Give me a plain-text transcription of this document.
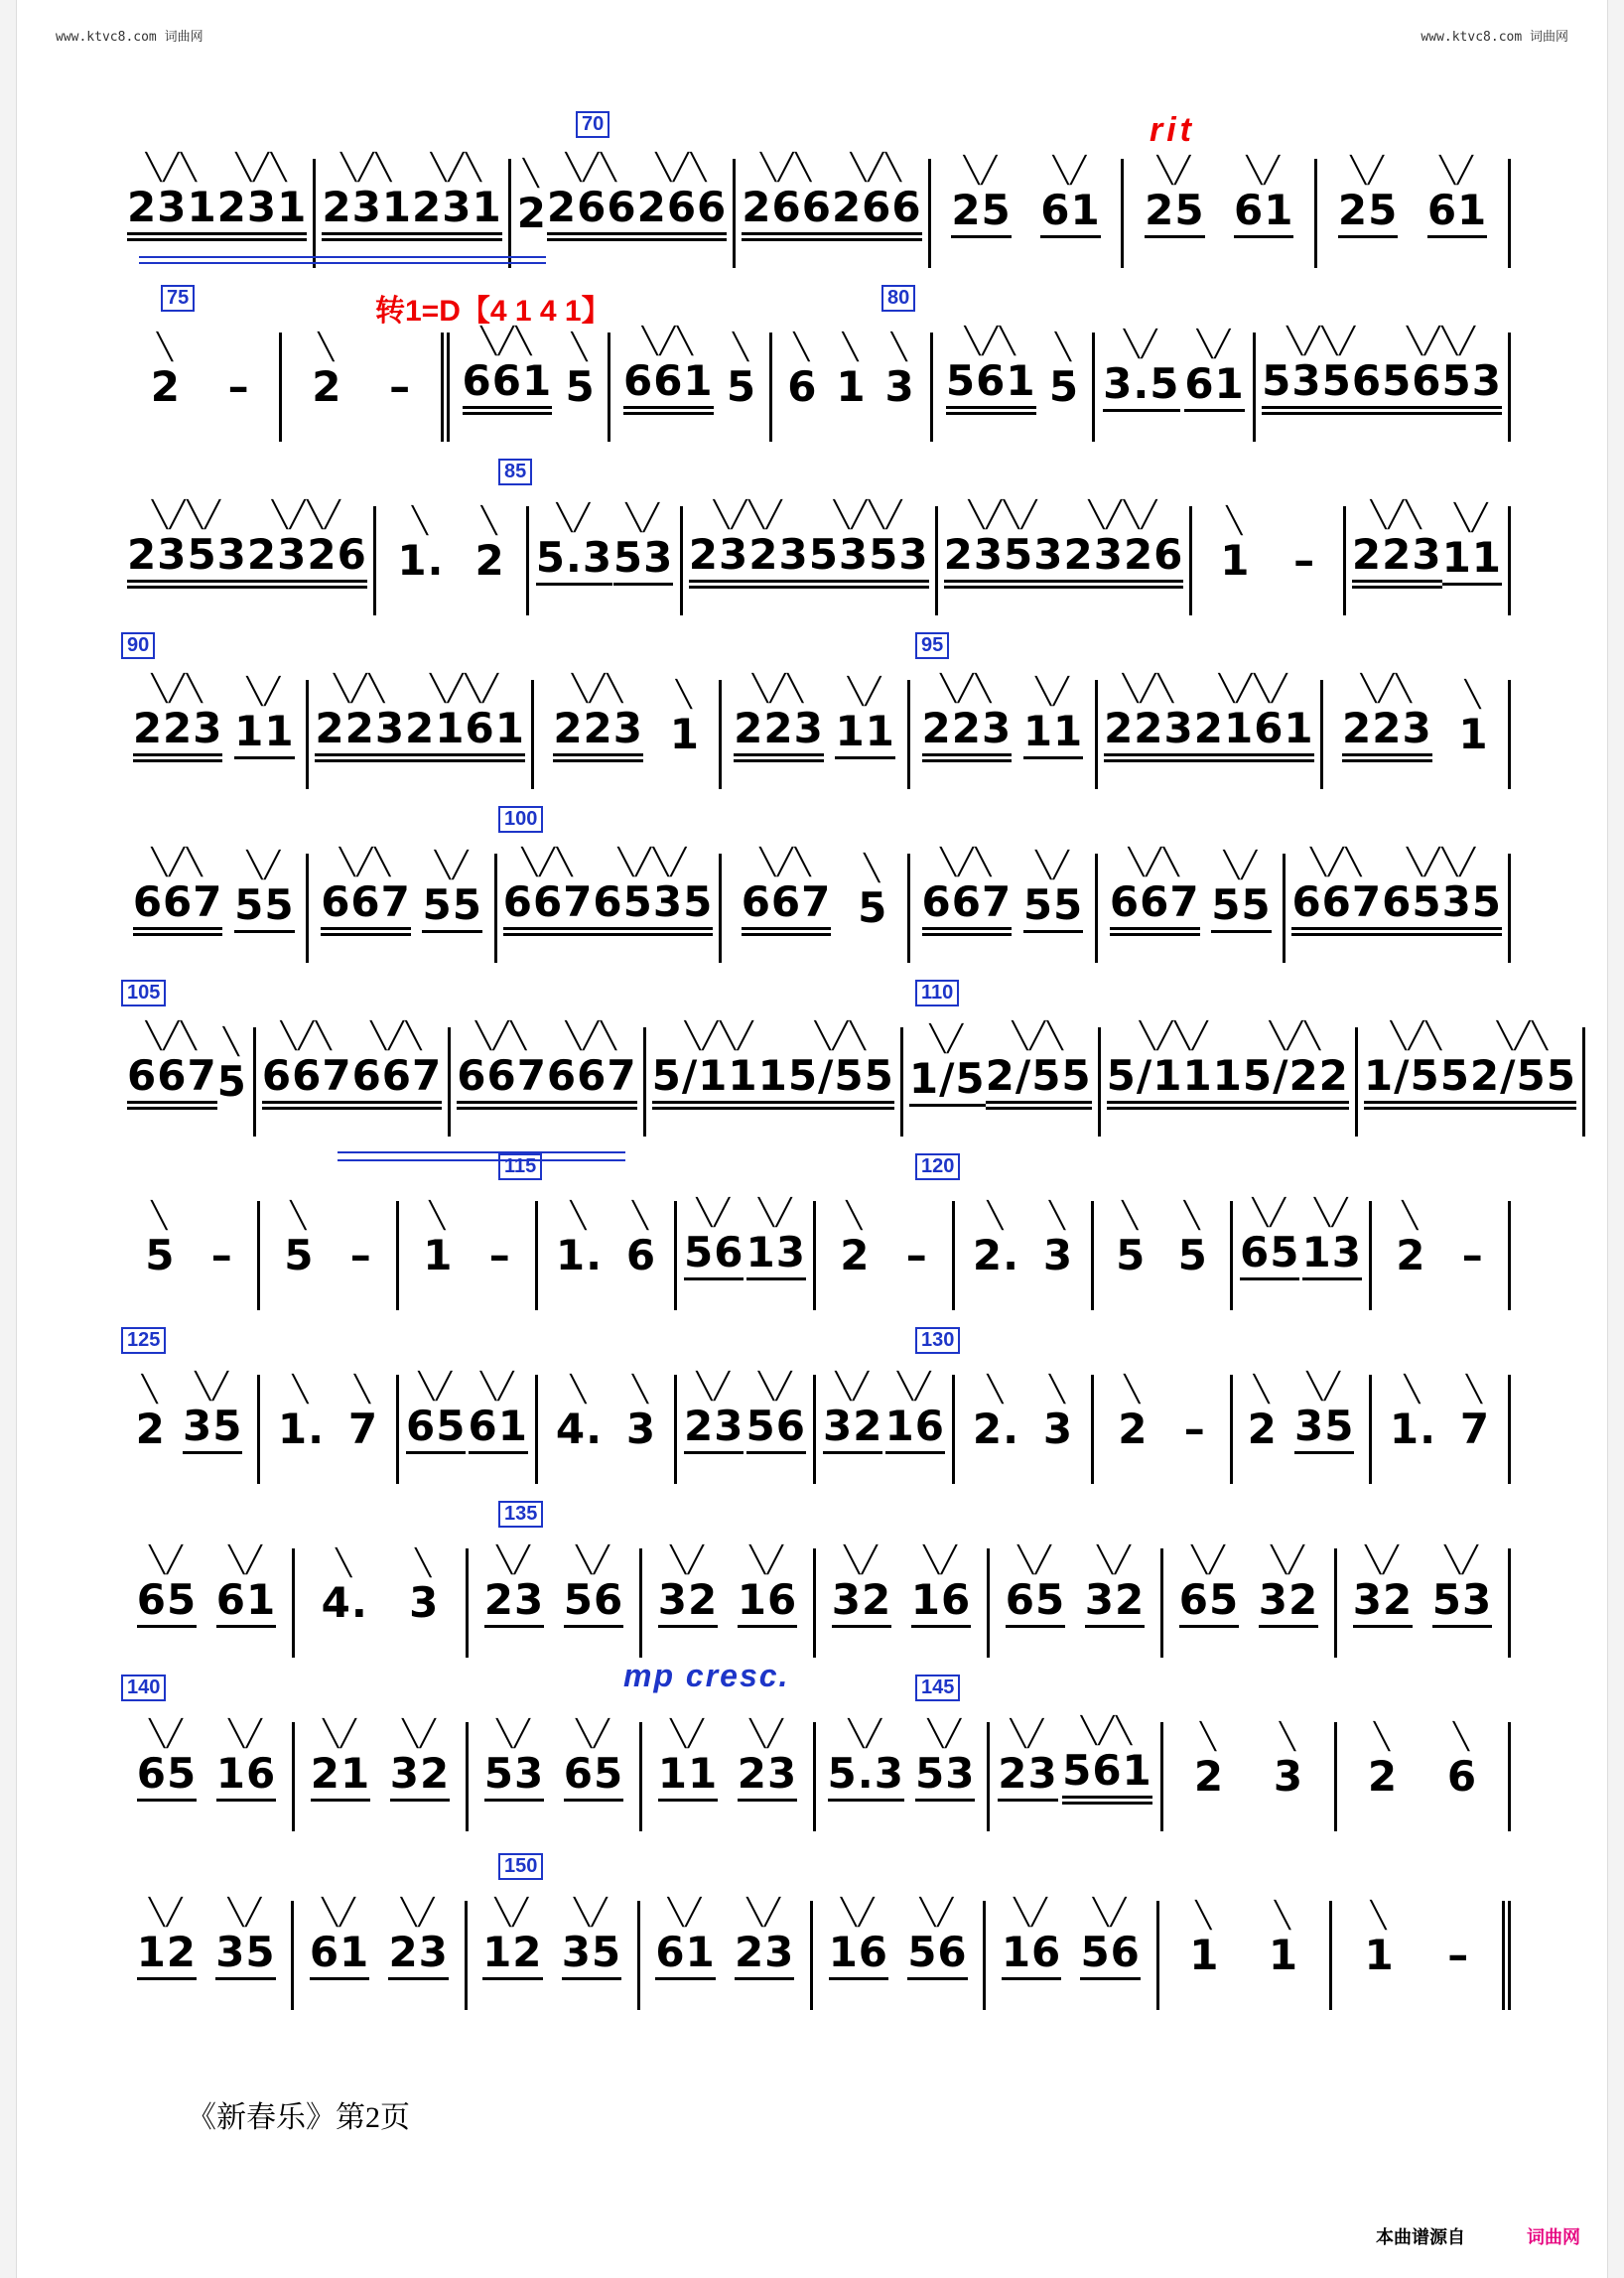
www.ktvc8.com 词曲网	www.ktvc8.com 词曲网
70
╲╱╲
231
╲╱╲
231
╲╱╲
231
╲╱╲
231
╲
2
╲╱╲
266
╲╱╲
266
╲╱╲
266
╲╱╲
266
╲╱
25
╲╱
61
╲╱
25
╲╱
61
╲╱
25
╲╱
61
75	80
╲
2 –
╲
2 –
╲╱╲
661
╲
5
╲╱╲
661
╲
5
╲
6
╲
1
╲
3
╲╱╲
561
╲
5
╲╱
3.5
╲╱
61
╲╱╲╱
5356
╲╱╲╱
5653
85
╲╱╲╱
2353
╲╱╲╱
2326
╲
1.
╲
2
╲╱
5.3
╲╱
53
╲╱╲╱
2323
╲╱╲╱
5353
╲╱╲╱
2353
╲╱╲╱
2326
╲
1 –
╲╱╲
223
╲╱
11
90	95
╲╱╲
223
╲╱
11
╲╱╲
223
╲╱╲╱
2161
╲╱╲
223
╲
1
╲╱╲
223
╲╱
11
╲╱╲
223
╲╱
11
╲╱╲
223
╲╱╲╱
2161
╲╱╲
223
╲
1
100
╲╱╲
667
╲╱
55
╲╱╲
667
╲╱
55
╲╱╲
667
╲╱╲╱
6535
╲╱╲
667
╲
5
╲╱╲
667
╲╱
55
╲╱╲
667
╲╱
55
╲╱╲
667
╲╱╲╱
6535
105	110
╲╱╲
667
╲
5
╲╱╲
667
╲╱╲
667
╲╱╲
667
╲╱╲
667
╲╱╲╱
5/111
╲╱╲
5/55
╲╱
1/5
╲╱╲
2/55
╲╱╲╱
5/111
╲╱╲
5/22
╲╱╲
1/55
╲╱╲
2/55
115	120
╲
5 –
╲
5 –
╲
1 –
╲
1.
╲
6
╲╱
56
╲╱
13
╲
2 –
╲
2.
╲
3
╲
5
╲
5
╲╱
65
╲╱
13
╲
2 –
125	130
╲
2
╲╱
35
╲
1.
╲
7
╲╱
65
╲╱
61
╲
4.
╲
3
╲╱
23
╲╱
56
╲╱
32
╲╱
16
╲
2.
╲
3
╲
2 –
╲
2
╲╱
35
╲
1.
╲
7
135
╲╱
65
╲╱
61
╲
4.
╲
3
╲╱
23
╲╱
56
╲╱
32
╲╱
16
╲╱
32
╲╱
16
╲╱
65
╲╱
32
╲╱
65
╲╱
32
╲╱
32
╲╱
53
140	145
╲╱
65
╲╱
16
╲╱
21
╲╱
32
╲╱
53
╲╱
65
╲╱
11
╲╱
23
╲╱
5.3
╲╱
53
╲╱
23
╲╱╲
561
╲
2
╲
3
╲
2
╲
6
150
╲╱
12
╲╱
35
╲╱
61
╲╱
23
╲╱
12
╲╱
35
╲╱
61
╲╱
23
╲╱
16
╲╱
56
╲╱
16
╲╱
56
╲
1
╲
1
╲
1 –
rit
转1=D【4 1 4 1】
mp cresc.
《新春乐》第2页
本曲谱源自	词曲网
